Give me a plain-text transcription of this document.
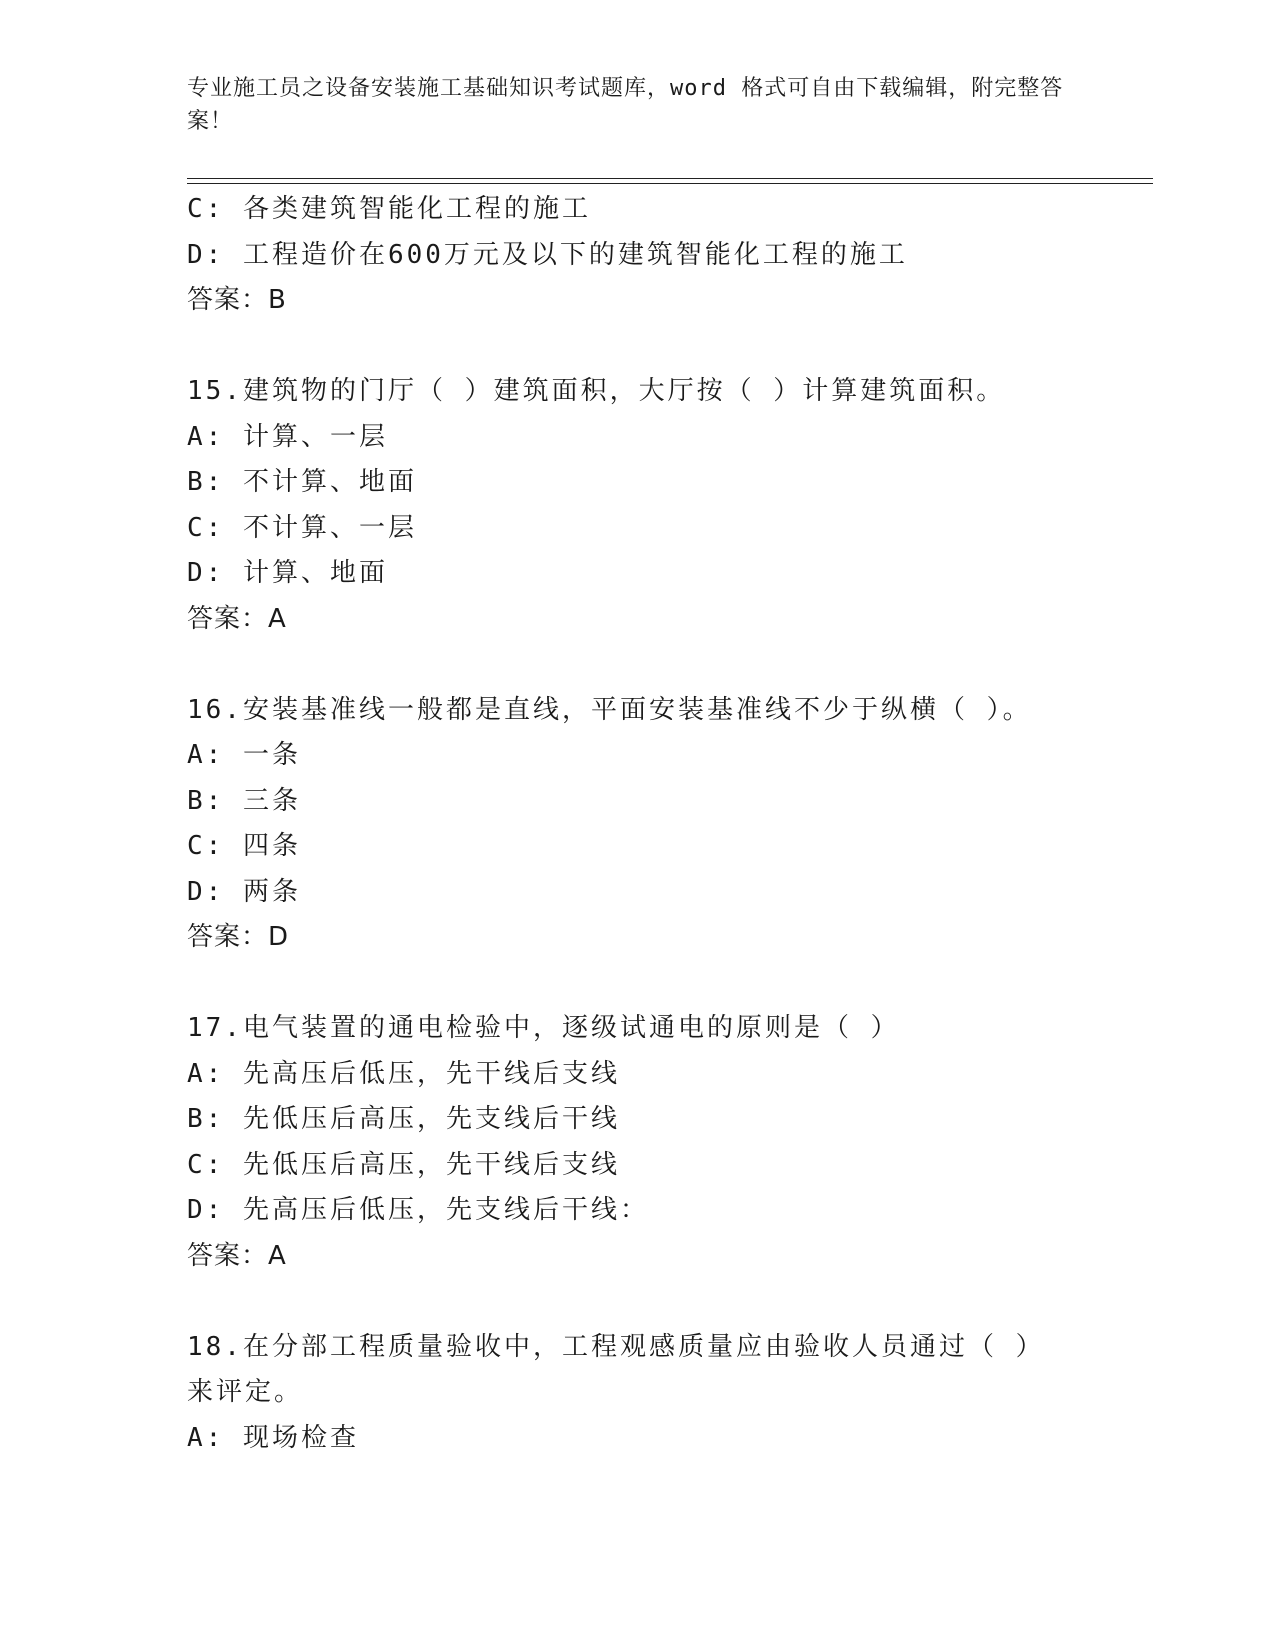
专业施工员之设备安装施工基础知识考试题库，word 格式可自由下载编辑，附完整答案！
C: 各类建筑智能化工程的施工
D: 工程造价在600万元及以下的建筑智能化工程的施工
答案：B
15.建筑物的门厅（ ）建筑面积，大厅按（ ）计算建筑面积。
A: 计算、一层
B: 不计算、地面
C: 不计算、一层
D: 计算、地面
答案：A
16.安装基准线一般都是直线，平面安装基准线不少于纵横（ ）。
A: 一条
B: 三条
C: 四条
D: 两条
答案：D
17.电气装置的通电检验中，逐级试通电的原则是（ ）
A: 先高压后低压，先干线后支线
B: 先低压后高压，先支线后干线
C: 先低压后高压，先干线后支线
D: 先高压后低压，先支线后干线：
答案：A
18.在分部工程质量验收中，工程观感质量应由验收人员通过（ ）来评定。
A: 现场检查
